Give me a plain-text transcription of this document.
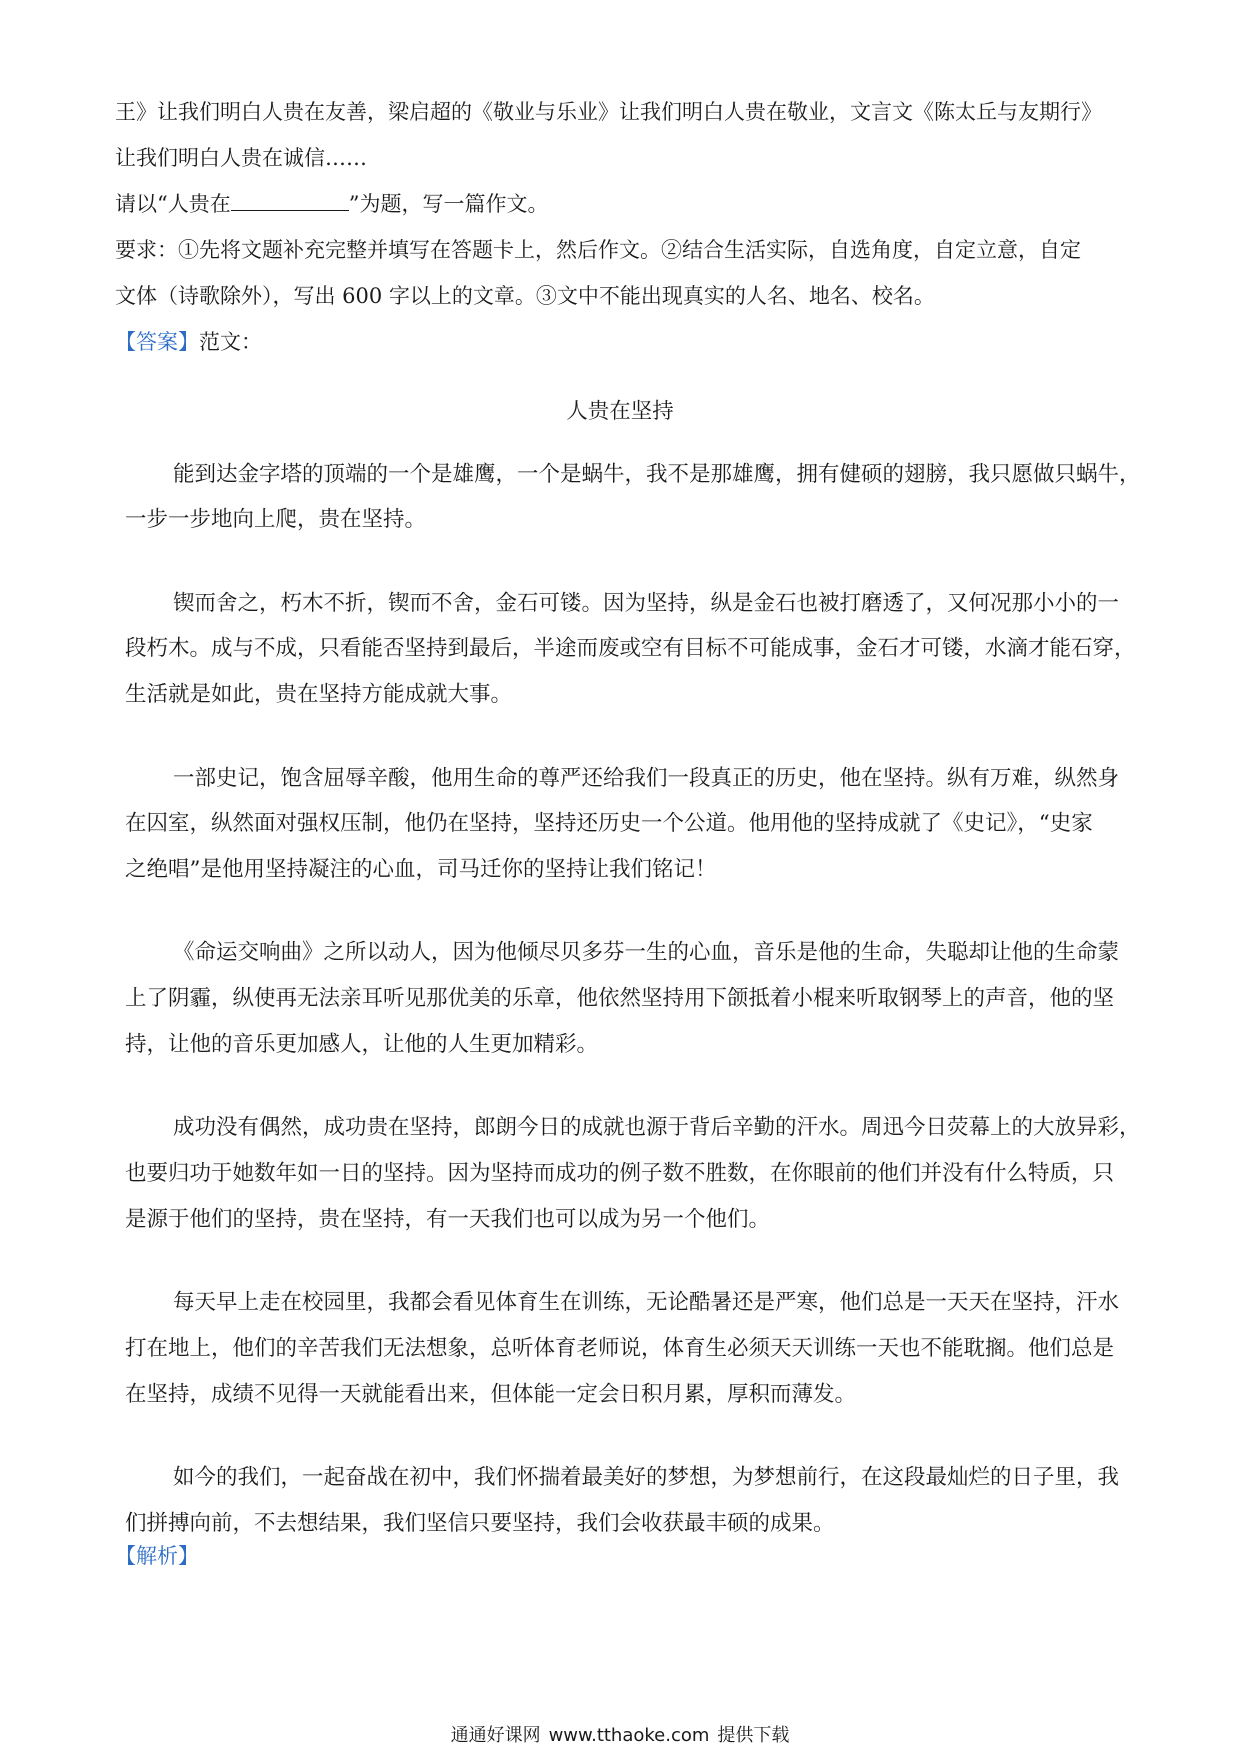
王》让我们明白人贵在友善，梁启超的《敬业与乐业》让我们明白人贵在敬业，文言文《陈太丘与友期行》
让我们明白人贵在诚信……
请以“人贵在	”为题，写一篇作文。
要求：①先将文题补充完整并填写在答题卡上，然后作文。②结合生活实际，自选角度，自定立意，自定
文体（诗歌除外），写出 600 字以上的文章。③文中不能出现真实的人名、地名、校名。
【答案】范文：
人贵在坚持
能到达金字塔的顶端的一个是雄鹰，一个是蜗牛，我不是那雄鹰，拥有健硕的翅膀，我只愿做只蜗牛，
一步一步地向上爬，贵在坚持。
锲而舍之，朽木不折，锲而不舍，金石可镂。因为坚持，纵是金石也被打磨透了，又何况那小小的一
段朽木。成与不成，只看能否坚持到最后，半途而废或空有目标不可能成事，金石才可镂，水滴才能石穿，
生活就是如此，贵在坚持方能成就大事。
一部史记，饱含屈辱辛酸，他用生命的尊严还给我们一段真正的历史，他在坚持。纵有万难，纵然身
在囚室，纵然面对强权压制，他仍在坚持，坚持还历史一个公道。他用他的坚持成就了《史记》，“史家
之绝唱”是他用坚持凝注的心血，司马迁你的坚持让我们铭记！
《命运交响曲》之所以动人，因为他倾尽贝多芬一生的心血，音乐是他的生命，失聪却让他的生命蒙
上了阴霾，纵使再无法亲耳听见那优美的乐章，他依然坚持用下颌抵着小棍来听取钢琴上的声音，他的坚
持，让他的音乐更加感人，让他的人生更加精彩。
成功没有偶然，成功贵在坚持，郎朗今日的成就也源于背后辛勤的汗水。周迅今日荧幕上的大放异彩，
也要归功于她数年如一日的坚持。因为坚持而成功的例子数不胜数，在你眼前的他们并没有什么特质，只
是源于他们的坚持，贵在坚持，有一天我们也可以成为另一个他们。
每天早上走在校园里，我都会看见体育生在训练，无论酷暑还是严寒，他们总是一天天在坚持，汗水
打在地上，他们的辛苦我们无法想象，总听体育老师说，体育生必须天天训练一天也不能耽搁。他们总是
在坚持，成绩不见得一天就能看出来，但体能一定会日积月累，厚积而薄发。
如今的我们，一起奋战在初中，我们怀揣着最美好的梦想，为梦想前行，在这段最灿烂的日子里，我
们拼搏向前，不去想结果，我们坚信只要坚持，我们会收获最丰硕的成果。
【解析】
通通好课网 www.tthaoke.com 提供下载
